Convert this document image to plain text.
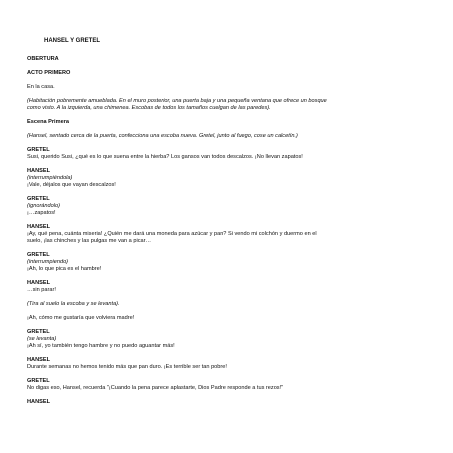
HANSEL Y GRETEL
OBERTURA
ACTO PRIMERO
En la casa.
(Habitación pobremente amueblada. En el muro posterior, una puerta baja y una pequeña ventana que ofrece un bosque
como visto. A la izquierda, una chimenea. Escobas de todos los tamaños cuelgan de las paredes).
Escena Primera
(Hansel, sentado cerca de la puerta, confecciona una escoba nueva. Gretel, junto al fuego, cose un calcetín.)
GRETEL
Susi, querido Susi, ¿qué es lo que suena entre la hierba? Los gansos van todos descalzos. ¡No llevan zapatos!
HANSEL
(interrumpiéndola)
¡Vale, déjalos que vayan descalzos!
GRETEL
(ignorándolo)
¡…zapatos!
HANSEL
¡Ay, qué pena, cuánta miseria! ¿Quién me dará una moneda para azúcar y pan? Si vendo mi colchón y duermo en el
suelo, ¡las chinches y las pulgas me van a picar…
GRETEL
(interrumpiendo)
¡Ah, lo que pica es el hambre!
HANSEL
…sin parar!
(Tira al suelo la escoba y se levanta).
¡Ah, cómo me gustaría que volviera madre!
GRETEL
(se levanta)
¡Ah sí, yo también tengo hambre y no puedo aguantar más!
HANSEL
Durante semanas no hemos tenido más que pan duro. ¡Es terrible ser tan pobre!
GRETEL
No digas eso, Hansel, recuerda "¡Cuando la pena parece aplastarte, Dios Padre responde a tus rezos!"
HANSEL
